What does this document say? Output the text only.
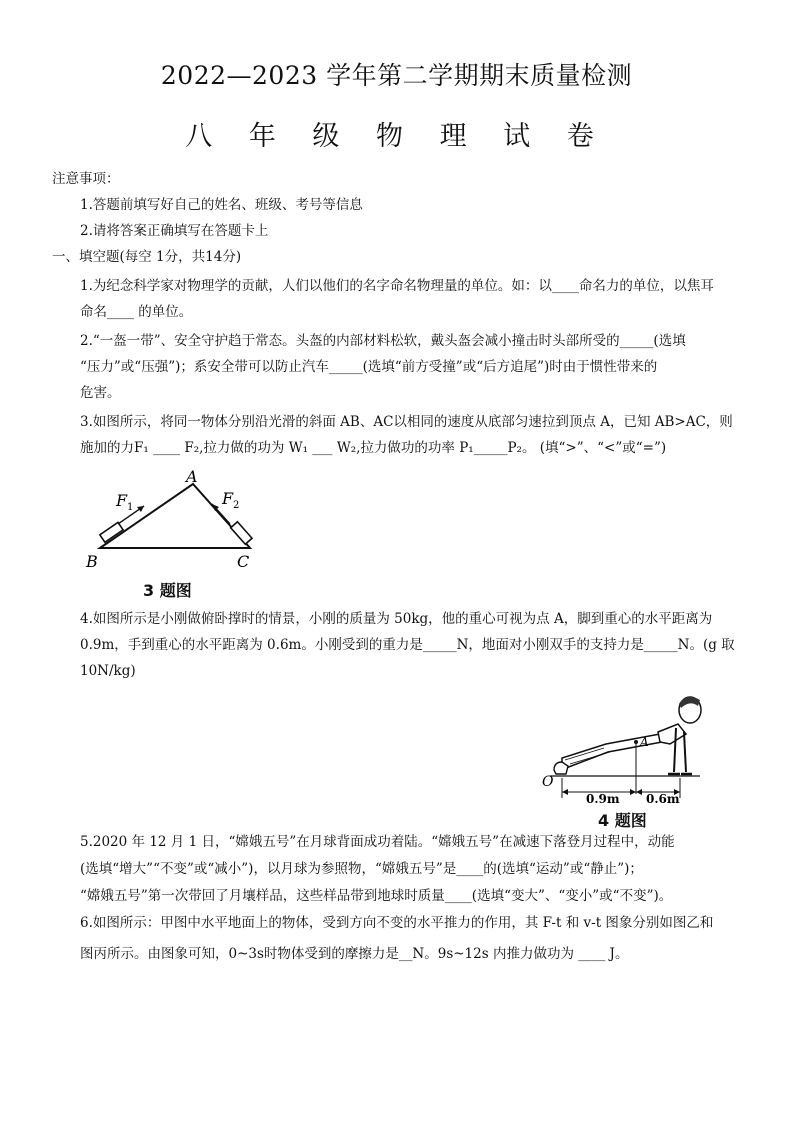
2022—2023 学年第二学期期末质量检测
八 年 级 物 理 试 卷
注意事项：
1.答题前填写好自己的姓名、班级、考号等信息
2.请将答案正确填写在答题卡上
一、填空题(每空 1分，共14分)
1.为纪念科学家对物理学的贡献，人们以他们的名字命名物理量的单位。如：以____命名力的单位，以焦耳
命名____ 的单位。
2.“一盔一带”、安全守护趋于常态。头盔的内部材料松软，戴头盔会减小撞击时头部所受的_____(选填
“压力”或“压强”)；系安全带可以防止汽车_____(选填“前方受撞”或“后方追尾”)时由于惯性带来的
危害。
3.如图所示，将同一物体分别沿光滑的斜面 AB、AC以相同的速度从底部匀速拉到顶点 A，已知 AB>AC，则
施加的力F₁ ____ F₂,拉力做的功为 W₁ ___ W₂,拉力做功的功率 P₁_____P₂。 (填“>”、“<”或“=”)
A
B	C
F 1	F 2
3 题图
4.如图所示是小刚做俯卧撑时的情景，小刚的质量为 50kg，他的重心可视为点 A，脚到重心的水平距离为
0.9m，手到重心的水平距离为 0.6m。小刚受到的重力是_____N，地面对小刚双手的支持力是_____N。(g 取
10N/kg)
A
O
0.9m 0.6m
4 题图
5.2020 年 12 月 1 日，“嫦娥五号”在月球背面成功着陆。“嫦娥五号”在减速下落登月过程中，动能
(选填“增大”“不变”或“减小”)，以月球为参照物，“嫦娥五号”是____的(选填“运动”或“静止”)；
“嫦娥五号”第一次带回了月壤样品，这些样品带到地球时质量____(选填“变大”、“变小”或“不变”)。
6.如图所示：甲图中水平地面上的物体，受到方向不变的水平推力的作用，其 F-t 和 v-t 图象分别如图乙和
图丙所示。由图象可知，0~3s时物体受到的摩擦力是__N。9s~12s 内推力做功为 ____ J。
